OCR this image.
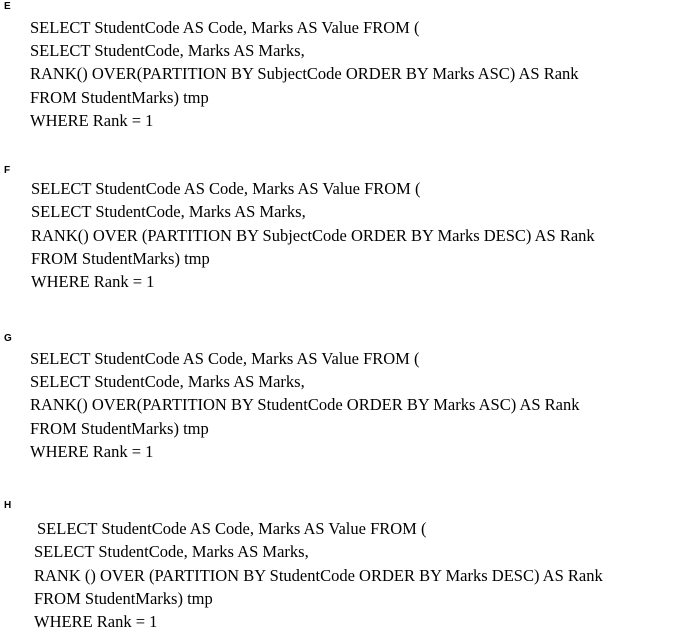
E
SELECT StudentCode AS Code, Marks AS Value FROM (
SELECT StudentCode, Marks AS Marks,
RANK() OVER(PARTITION BY SubjectCode ORDER BY Marks ASC) AS Rank
FROM StudentMarks) tmp
WHERE Rank = 1
F
SELECT StudentCode AS Code, Marks AS Value FROM (
SELECT StudentCode, Marks AS Marks,
RANK() OVER (PARTITION BY SubjectCode ORDER BY Marks DESC) AS Rank
FROM StudentMarks) tmp
WHERE Rank = 1
G
SELECT StudentCode AS Code, Marks AS Value FROM (
SELECT StudentCode, Marks AS Marks,
RANK() OVER(PARTITION BY StudentCode ORDER BY Marks ASC) AS Rank
FROM StudentMarks) tmp
WHERE Rank = 1
H
SELECT StudentCode AS Code, Marks AS Value FROM (
SELECT StudentCode, Marks AS Marks,
RANK () OVER (PARTITION BY StudentCode ORDER BY Marks DESC) AS Rank
FROM StudentMarks) tmp
WHERE Rank = 1
